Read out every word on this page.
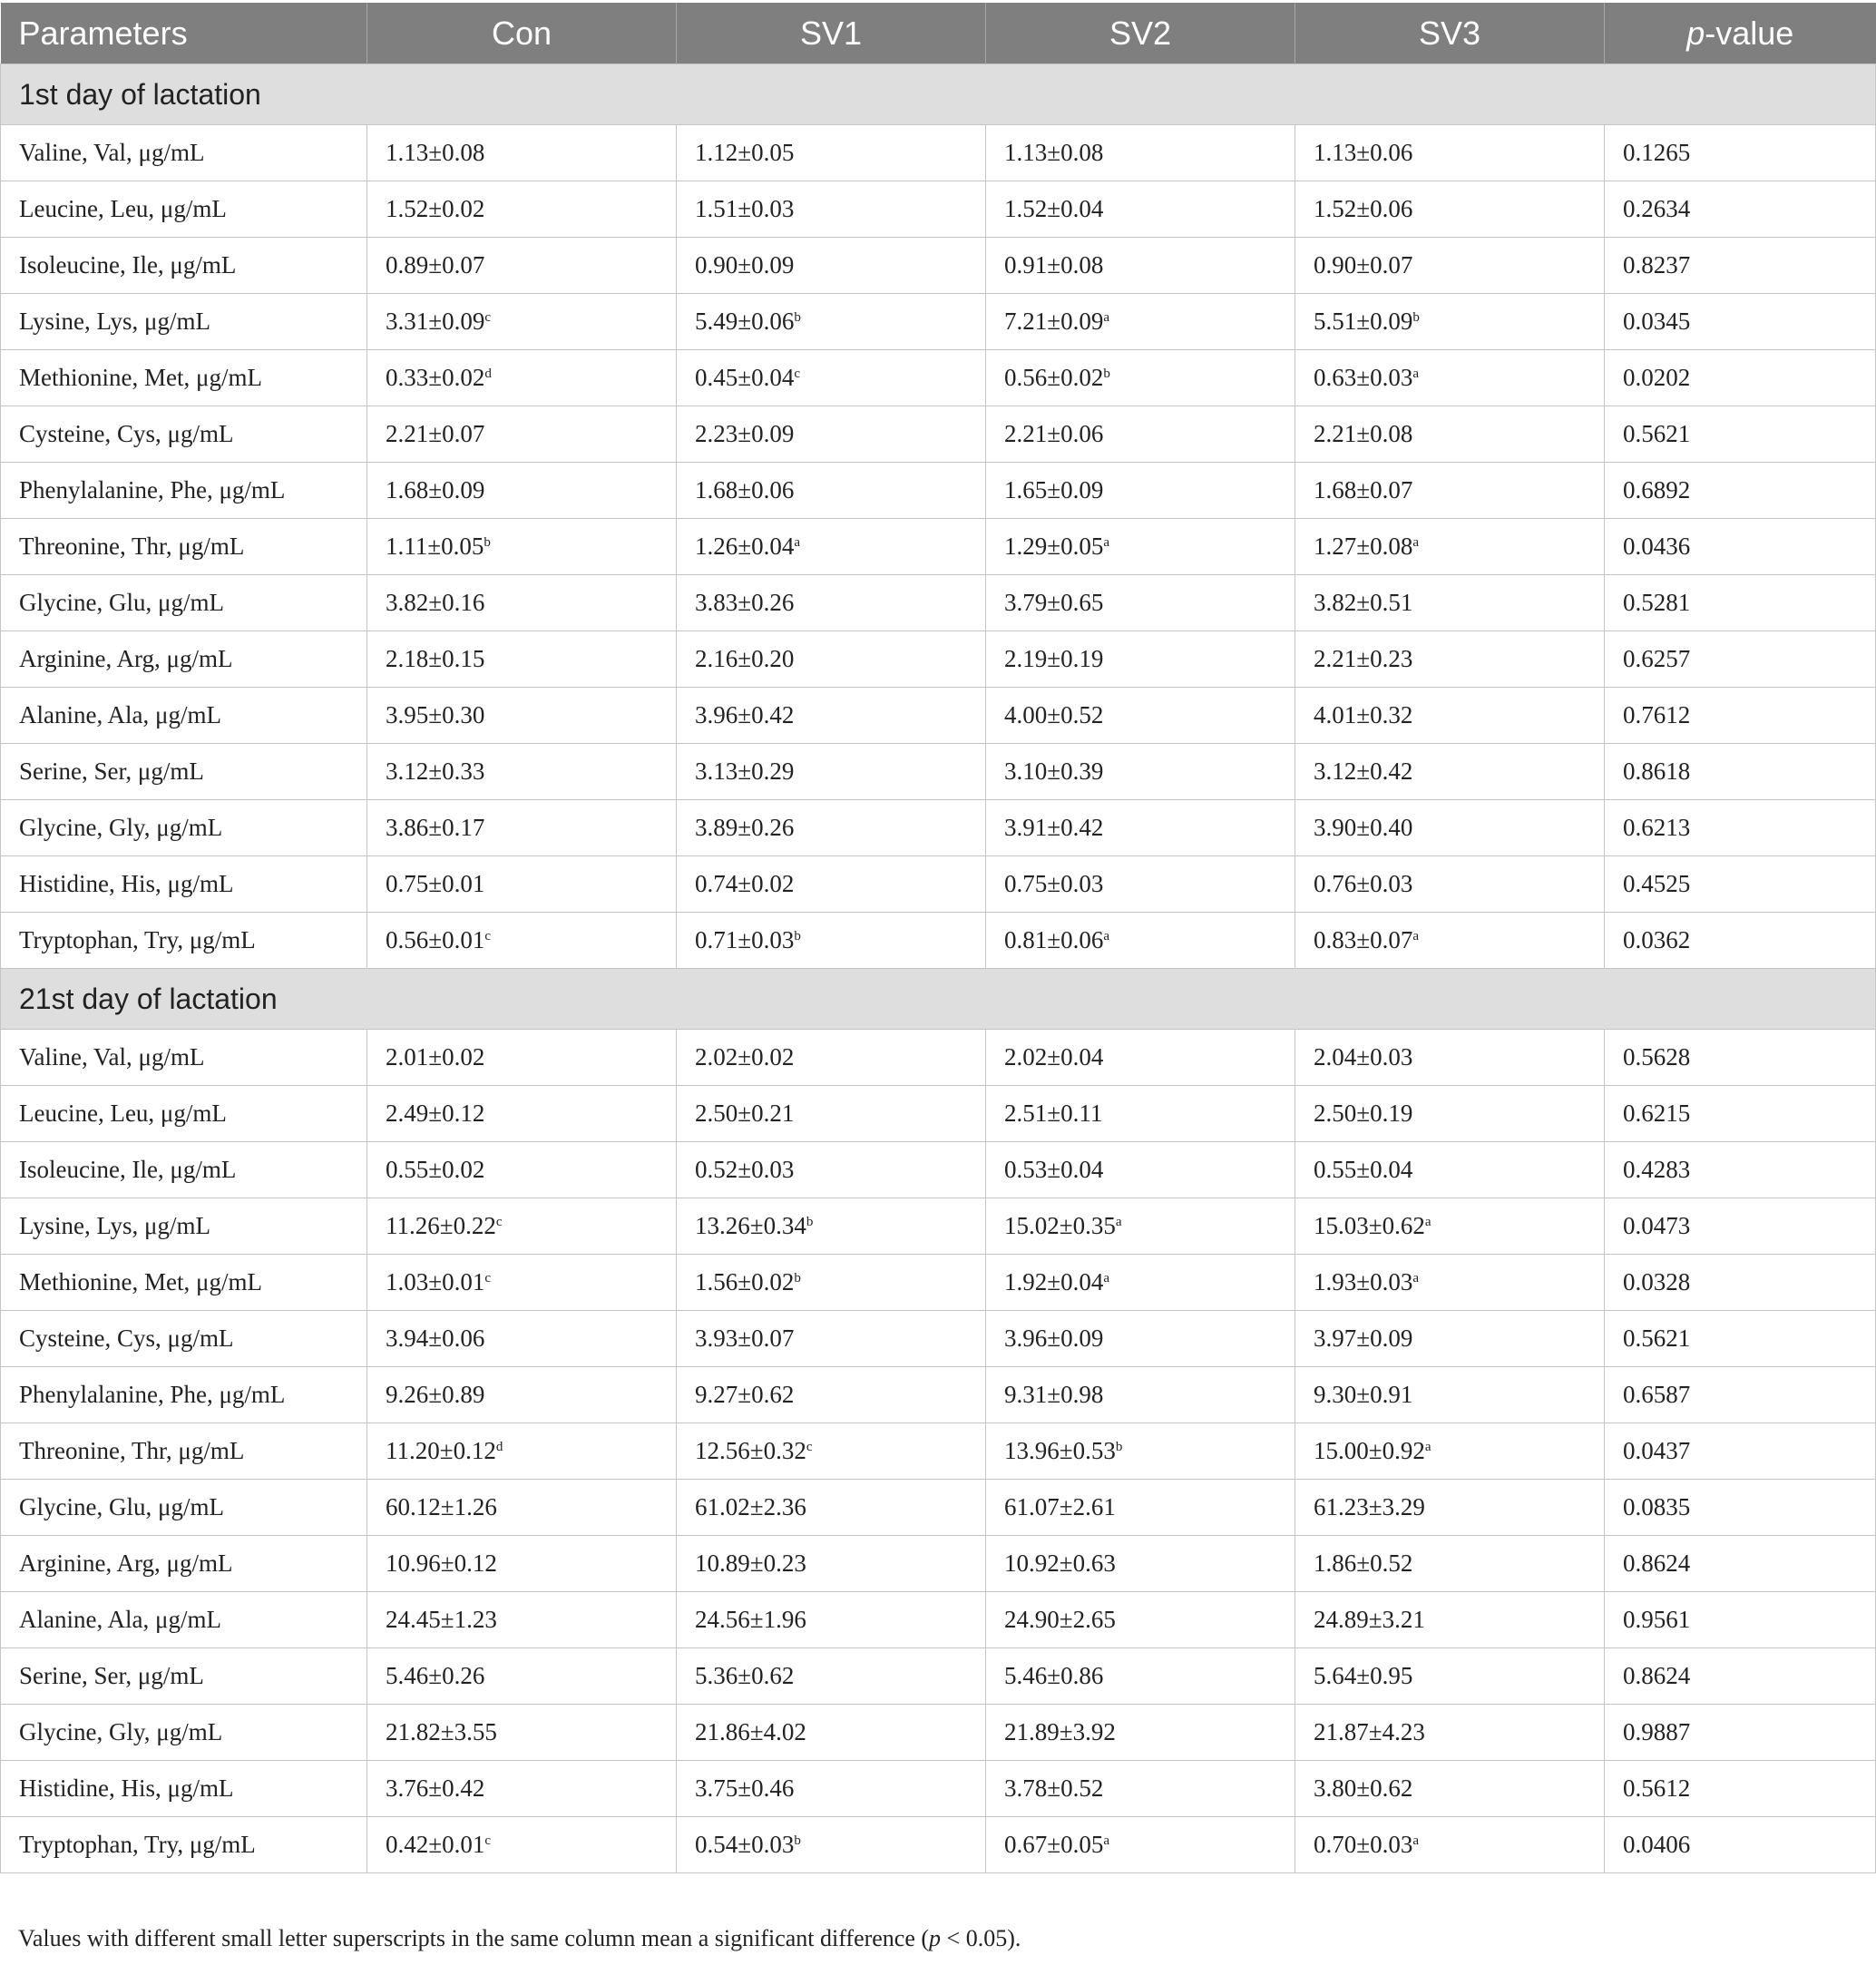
Parameters	Con	SV1	SV2	SV3	p-value
1st day of lactation					
Valine, Val, μg/mL	1.13±0.08	1.12±0.05	1.13±0.08	1.13±0.06	0.1265
Leucine, Leu, μg/mL	1.52±0.02	1.51±0.03	1.52±0.04	1.52±0.06	0.2634
Isoleucine, Ile, μg/mL	0.89±0.07	0.90±0.09	0.91±0.08	0.90±0.07	0.8237
Lysine, Lys, μg/mL	3.31±0.09$^c$	5.49±0.06$^b$	7.21±0.09$^a$	5.51±0.09$^b$	0.0345
Methionine, Met, μg/mL	0.33±0.02$^d$	0.45±0.04$^c$	0.56±0.02$^b$	0.63±0.03$^a$	0.0202
Cysteine, Cys, μg/mL	2.21±0.07	2.23±0.09	2.21±0.06	2.21±0.08	0.5621
Phenylalanine, Phe, μg/mL	1.68±0.09	1.68±0.06	1.65±0.09	1.68±0.07	0.6892
Threonine, Thr, μg/mL	1.11±0.05$^b$	1.26±0.04$^a$	1.29±0.05$^a$	1.27±0.08$^a$	0.0436
Glycine, Glu, μg/mL	3.82±0.16	3.83±0.26	3.79±0.65	3.82±0.51	0.5281
Arginine, Arg, μg/mL	2.18±0.15	2.16±0.20	2.19±0.19	2.21±0.23	0.6257
Alanine, Ala, μg/mL	3.95±0.30	3.96±0.42	4.00±0.52	4.01±0.32	0.7612
Serine, Ser, μg/mL	3.12±0.33	3.13±0.29	3.10±0.39	3.12±0.42	0.8618
Glycine, Gly, μg/mL	3.86±0.17	3.89±0.26	3.91±0.42	3.90±0.40	0.6213
Histidine, His, μg/mL	0.75±0.01	0.74±0.02	0.75±0.03	0.76±0.03	0.4525
Tryptophan, Try, μg/mL	0.56±0.01$^c$	0.71±0.03$^b$	0.81±0.06$^a$	0.83±0.07$^a$	0.0362
21st day of lactation					
Valine, Val, μg/mL	2.01±0.02	2.02±0.02	2.02±0.04	2.04±0.03	0.5628
Leucine, Leu, μg/mL	2.49±0.12	2.50±0.21	2.51±0.11	2.50±0.19	0.6215
Isoleucine, Ile, μg/mL	0.55±0.02	0.52±0.03	0.53±0.04	0.55±0.04	0.4283
Lysine, Lys, μg/mL	11.26±0.22$^c$	13.26±0.34$^b$	15.02±0.35$^a$	15.03±0.62$^a$	0.0473
Methionine, Met, μg/mL	1.03±0.01$^c$	1.56±0.02$^b$	1.92±0.04$^a$	1.93±0.03$^a$	0.0328
Cysteine, Cys, μg/mL	3.94±0.06	3.93±0.07	3.96±0.09	3.97±0.09	0.5621
Phenylalanine, Phe, μg/mL	9.26±0.89	9.27±0.62	9.31±0.98	9.30±0.91	0.6587
Threonine, Thr, μg/mL	11.20±0.12$^d$	12.56±0.32$^c$	13.96±0.53$^b$	15.00±0.92$^a$	0.0437
Glycine, Glu, μg/mL	60.12±1.26	61.02±2.36	61.07±2.61	61.23±3.29	0.0835
Arginine, Arg, μg/mL	10.96±0.12	10.89±0.23	10.92±0.63	1.86±0.52	0.8624
Alanine, Ala, μg/mL	24.45±1.23	24.56±1.96	24.90±2.65	24.89±3.21	0.9561
Serine, Ser, μg/mL	5.46±0.26	5.36±0.62	5.46±0.86	5.64±0.95	0.8624
Glycine, Gly, μg/mL	21.82±3.55	21.86±4.02	21.89±3.92	21.87±4.23	0.9887
Histidine, His, μg/mL	3.76±0.42	3.75±0.46	3.78±0.52	3.80±0.62	0.5612
Tryptophan, Try, μg/mL	0.42±0.01$^c$	0.54±0.03$^b$	0.67±0.05$^a$	0.70±0.03$^a$	0.0406
Values with different small letter superscripts in the same column mean a significant difference (p < 0.05).
